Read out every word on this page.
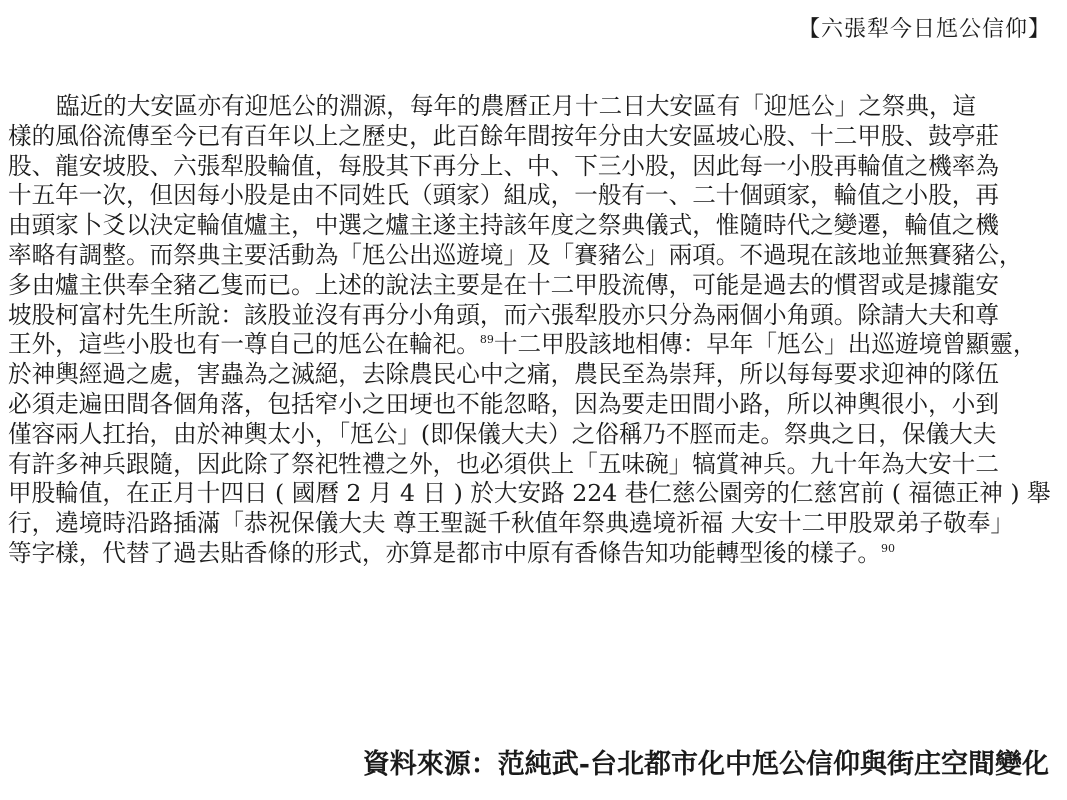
【六張犁今日尪公信仰】
臨近的大安區亦有迎尪公的淵源，每年的農曆正月十二日大安區有「迎尪公」之祭典，這
樣的風俗流傳至今已有百年以上之歷史，此百餘年間按年分由大安區坡心股、十二甲股、鼓亭莊
股、龍安坡股、六張犁股輪值，每股其下再分上、中、下三小股，因此每一小股再輪值之機率為
十五年一次，但因每小股是由不同姓氏（頭家）組成，一般有一、二十個頭家，輪值之小股，再
由頭家卜爻以決定輪值爐主，中選之爐主遂主持該年度之祭典儀式，惟隨時代之變遷，輪值之機
率略有調整。而祭典主要活動為「尪公出巡遊境」及「賽豬公」兩項。不過現在該地並無賽豬公，
多由爐主供奉全豬乙隻而已。上述的說法主要是在十二甲股流傳，可能是過去的慣習或是據龍安
坡股柯富村先生所說：該股並沒有再分小角頭，而六張犁股亦只分為兩個小角頭。除請大夫和尊
王外，這些小股也有一尊自己的尪公在輪祀。$^{89}$十二甲股該地相傳：早年「尪公」出巡遊境曾顯靈，
於神輿經過之處，害蟲為之滅絕，去除農民心中之痛，農民至為崇拜，所以每每要求迎神的隊伍
必須走遍田間各個角落，包括窄小之田埂也不能忽略，因為要走田間小路，所以神輿很小，小到
僅容兩人扛抬，由於神輿太小，「尪公」(即保儀大夫）之俗稱乃不脛而走。祭典之日，保儀大夫
有許多神兵跟隨，因此除了祭祀牲禮之外，也必須供上「五味碗」犒賞神兵。九十年為大安十二
甲股輪值，在正月十四日 ( 國曆 2 月 4 日 ) 於大安路 224 巷仁慈公園旁的仁慈宮前 ( 福德正神 ) 舉
行，遶境時沿路插滿「恭祝保儀大夫 尊王聖誕千秋值年祭典遶境祈福 大安十二甲股眾弟子敬奉」
等字樣，代替了過去貼香條的形式，亦算是都市中原有香條告知功能轉型後的樣子。$^{90}$
資料來源：范純武-台北都市化中尪公信仰與街庄空間變化
